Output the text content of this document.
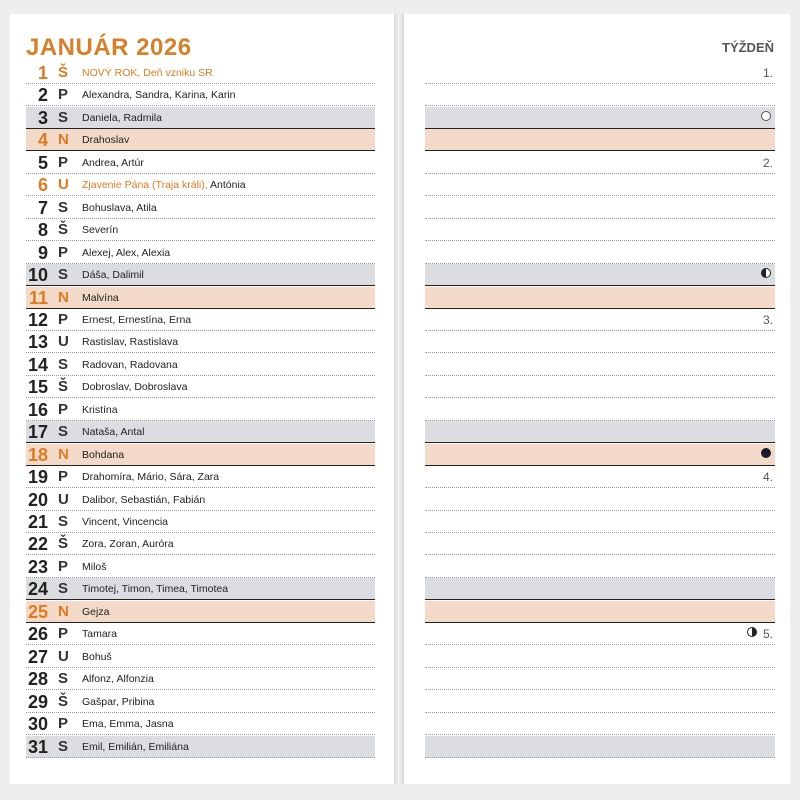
JANUÁR 2026	TÝŽDEŇ
1 Š NOVÝ ROK, Deň vzniku SR	1.
2 P Alexandra, Sandra, Karina, Karin
3 S Daniela, Radmila
4 N Drahoslav
5 P Andrea, Artúr	2.
6 U Zjavenie Pána (Traja králi), Antónia
7 S Bohuslava, Atila
8 Š Severín
9 P Alexej, Alex, Alexia
10 S Dáša, Dalimil
11 N Malvína
12 P Ernest, Ernestína, Erna	3.
13 U Rastislav, Rastislava
14 S Radovan, Radovana
15 Š Dobroslav, Dobroslava
16 P Kristína
17 S Nataša, Antal
18 N Bohdana
19 P Drahomíra, Mário, Sára, Zara	4.
20 U Dalibor, Sebastián, Fabián
21 S Vincent, Vincencia
22 Š Zora, Zoran, Auróra
23 P Miloš
24 S Timotej, Timon, Timea, Timotea
25 N Gejza
26 P Tamara	5.
27 U Bohuš
28 S Alfonz, Alfonzia
29 Š Gašpar, Pribina
30 P Ema, Emma, Jasna
31 S Emil, Emilián, Emiliána
